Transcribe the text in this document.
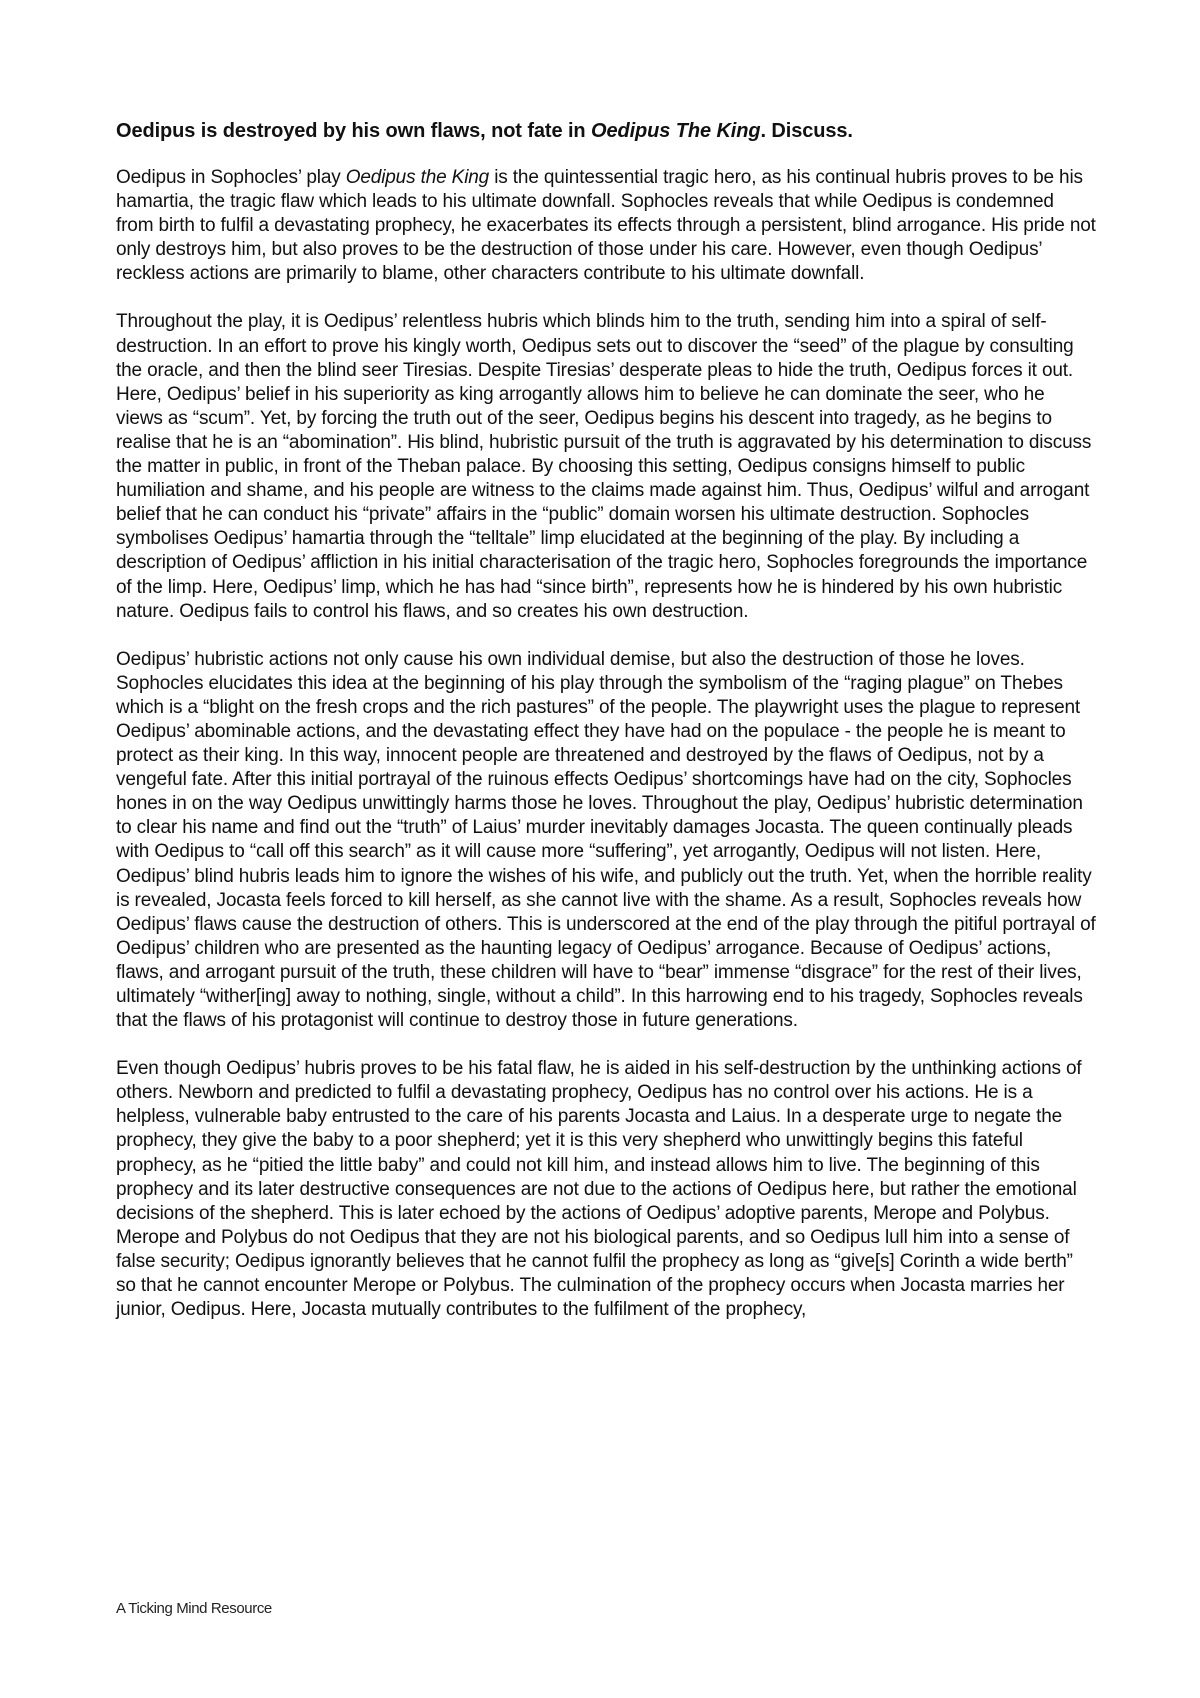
Oedipus is destroyed by his own flaws, not fate in Oedipus The King. Discuss.

Oedipus in Sophocles’ play Oedipus the King is the quintessential tragic hero, as his continual hubris proves to be his hamartia, the tragic flaw which leads to his ultimate downfall. Sophocles reveals that while Oedipus is condemned from birth to fulfil a devastating prophecy, he exacerbates its effects through a persistent, blind arrogance. His pride not only destroys him, but also proves to be the destruction of those under his care. However, even though Oedipus’ reckless actions are primarily to blame, other characters contribute to his ultimate downfall.

Throughout the play, it is Oedipus’ relentless hubris which blinds him to the truth, sending him into a spiral of self-destruction. In an effort to prove his kingly worth, Oedipus sets out to discover the “seed” of the plague by consulting the oracle, and then the blind seer Tiresias. Despite Tiresias’ desperate pleas to hide the truth, Oedipus forces it out. Here, Oedipus’ belief in his superiority as king arrogantly allows him to believe he can dominate the seer, who he views as “scum”. Yet, by forcing the truth out of the seer, Oedipus begins his descent into tragedy, as he begins to realise that he is an “abomination”. His blind, hubristic pursuit of the truth is aggravated by his determination to discuss the matter in public, in front of the Theban palace. By choosing this setting, Oedipus consigns himself to public humiliation and shame, and his people are witness to the claims made against him. Thus, Oedipus’ wilful and arrogant belief that he can conduct his “private” affairs in the “public” domain worsen his ultimate destruction. Sophocles symbolises Oedipus’ hamartia through the “telltale” limp elucidated at the beginning of the play. By including a description of Oedipus’ affliction in his initial characterisation of the tragic hero, Sophocles foregrounds the importance of the limp. Here, Oedipus’ limp, which he has had “since birth”, represents how he is hindered by his own hubristic nature. Oedipus fails to control his flaws, and so creates his own destruction.

Oedipus’ hubristic actions not only cause his own individual demise, but also the destruction of those he loves. Sophocles elucidates this idea at the beginning of his play through the symbolism of the “raging plague” on Thebes which is a “blight on the fresh crops and the rich pastures” of the people. The playwright uses the plague to represent Oedipus’ abominable actions, and the devastating effect they have had on the populace - the people he is meant to protect as their king. In this way, innocent people are threatened and destroyed by the flaws of Oedipus, not by a vengeful fate. After this initial portrayal of the ruinous effects Oedipus’ shortcomings have had on the city, Sophocles hones in on the way Oedipus unwittingly harms those he loves. Throughout the play, Oedipus’ hubristic determination to clear his name and find out the “truth” of Laius’ murder inevitably damages Jocasta. The queen continually pleads with Oedipus to “call off this search” as it will cause more “suffering”, yet arrogantly, Oedipus will not listen. Here, Oedipus’ blind hubris leads him to ignore the wishes of his wife, and publicly out the truth. Yet, when the horrible reality is revealed, Jocasta feels forced to kill herself, as she cannot live with the shame. As a result, Sophocles reveals how Oedipus’ flaws cause the destruction of others. This is underscored at the end of the play through the pitiful portrayal of Oedipus’ children who are presented as the haunting legacy of Oedipus’ arrogance. Because of Oedipus’ actions, flaws, and arrogant pursuit of the truth, these children will have to “bear” immense “disgrace” for the rest of their lives, ultimately “wither[ing] away to nothing, single, without a child”. In this harrowing end to his tragedy, Sophocles reveals that the flaws of his protagonist will continue to destroy those in future generations.

Even though Oedipus’ hubris proves to be his fatal flaw, he is aided in his self-destruction by the unthinking actions of others. Newborn and predicted to fulfil a devastating prophecy, Oedipus has no control over his actions. He is a helpless, vulnerable baby entrusted to the care of his parents Jocasta and Laius. In a desperate urge to negate the prophecy, they give the baby to a poor shepherd; yet it is this very shepherd who unwittingly begins this fateful prophecy, as he “pitied the little baby” and could not kill him, and instead allows him to live. The beginning of this prophecy and its later destructive consequences are not due to the actions of Oedipus here, but rather the emotional decisions of the shepherd. This is later echoed by the actions of Oedipus’ adoptive parents, Merope and Polybus. Merope and Polybus do not Oedipus that they are not his biological parents, and so Oedipus lull him into a sense of false security; Oedipus ignorantly believes that he cannot fulfil the prophecy as long as “give[s] Corinth a wide berth” so that he cannot encounter Merope or Polybus. The culmination of the prophecy occurs when Jocasta marries her junior, Oedipus. Here, Jocasta mutually contributes to the fulfilment of the prophecy,

A Ticking Mind Resource
